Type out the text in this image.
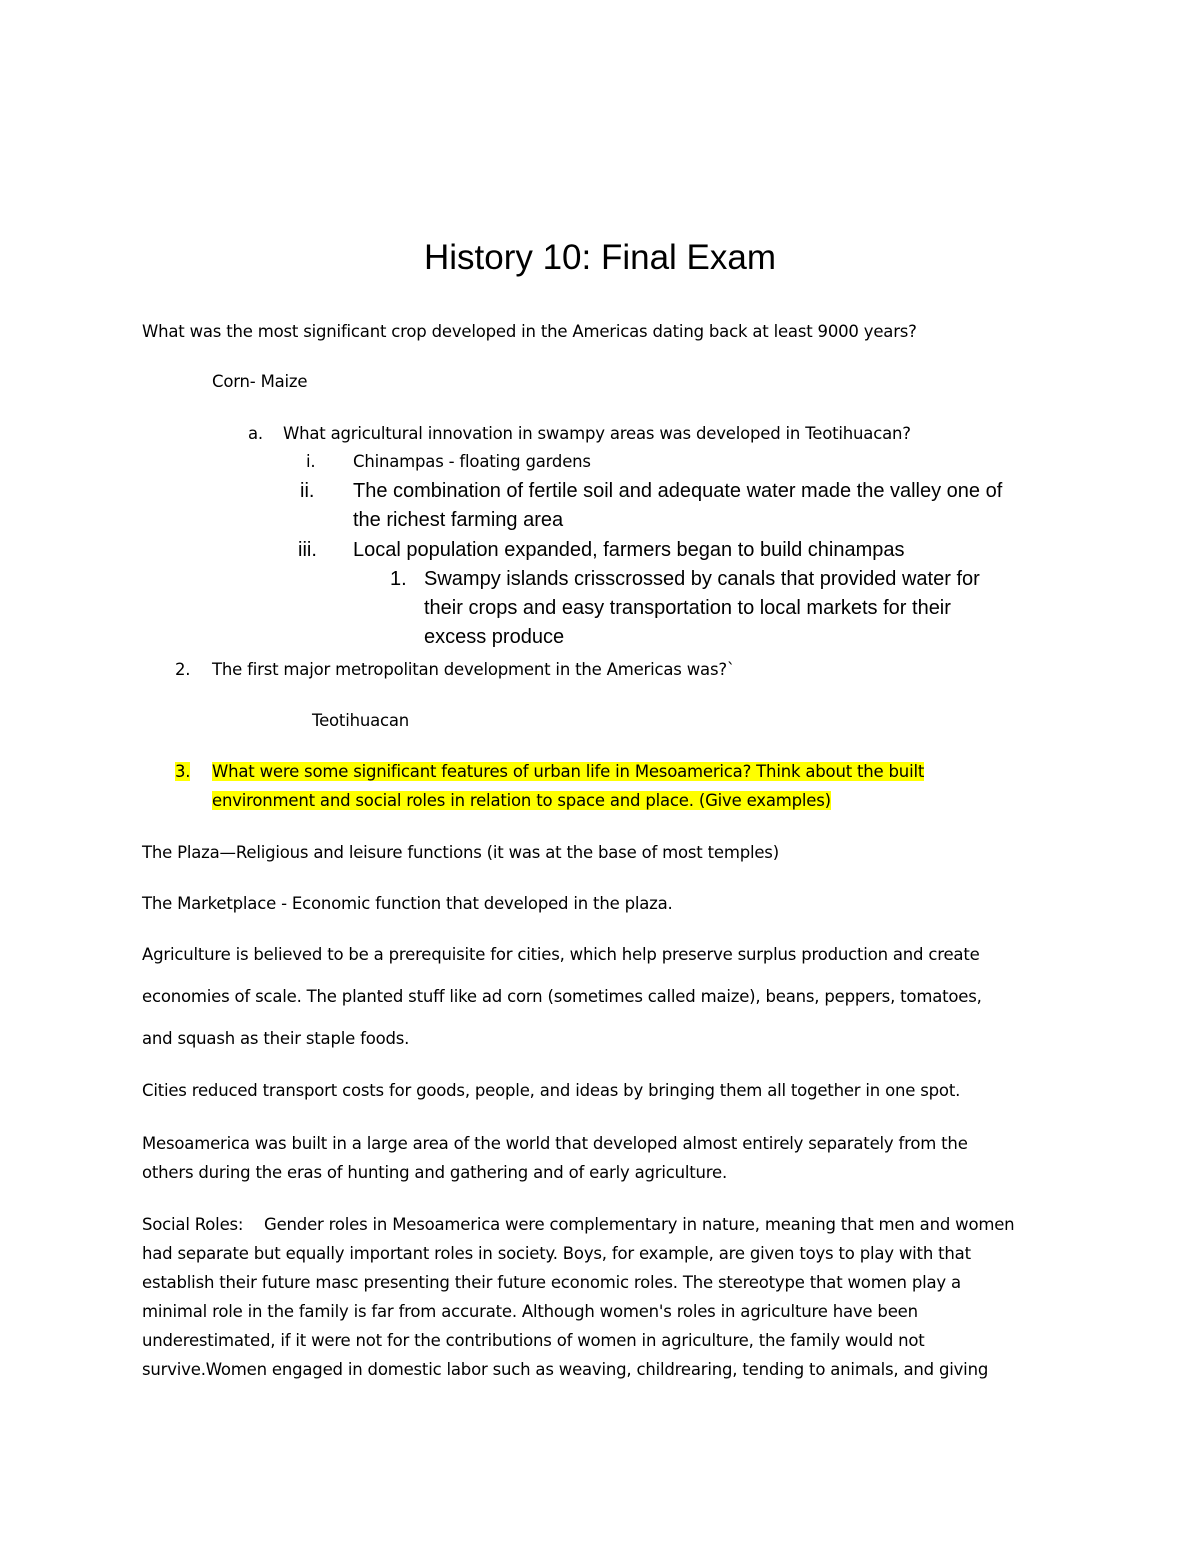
History 10: Final Exam
What was the most significant crop developed in the Americas dating back at least 9000 years?
Corn- Maize
a. What agricultural innovation in swampy areas was developed in Teotihuacan?
i. Chinampas - floating gardens
ii. The combination of fertile soil and adequate water made the valley one of
the richest farming area
iii. Local population expanded, farmers began to build chinampas
1. Swampy islands crisscrossed by canals that provided water for
their crops and easy transportation to local markets for their
excess produce
2. The first major metropolitan development in the Americas was?`
Teotihuacan
3. What were some significant features of urban life in Mesoamerica? Think about the built
environment and social roles in relation to space and place. (Give examples)
The Plaza—Religious and leisure functions (it was at the base of most temples)
The Marketplace - Economic function that developed in the plaza.
Agriculture is believed to be a prerequisite for cities, which help preserve surplus production and create
economies of scale. The planted stuff like ad corn (sometimes called maize), beans, peppers, tomatoes,
and squash as their staple foods.
Cities reduced transport costs for goods, people, and ideas by bringing them all together in one spot.
Mesoamerica was built in a large area of the world that developed almost entirely separately from the
others during the eras of hunting and gathering and of early agriculture.
Social Roles: Gender roles in Mesoamerica were complementary in nature, meaning that men and women
had separate but equally important roles in society. Boys, for example, are given toys to play with that
establish their future masc presenting their future economic roles. The stereotype that women play a
minimal role in the family is far from accurate. Although women's roles in agriculture have been
underestimated, if it were not for the contributions of women in agriculture, the family would not
survive.Women engaged in domestic labor such as weaving, childrearing, tending to animals, and giving
